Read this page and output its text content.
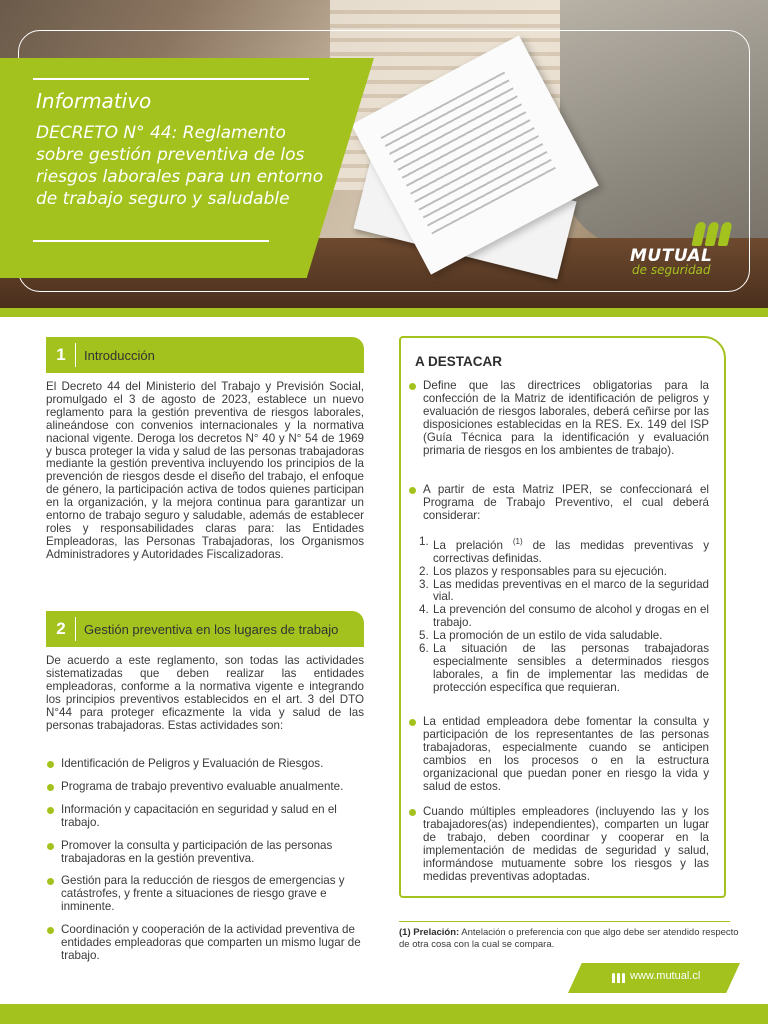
Informativo
DECRETO N° 44: Reglamento sobre gestión preventiva de los riesgos laborales para un entorno de trabajo seguro y saludable
MUTUAL
de seguridad
1	Introducción
El Decreto 44 del Ministerio del Trabajo y Previsión Social, promulgado el 3 de agosto de 2023, establece un nuevo reglamento para la gestión preventiva de riesgos laborales, alineándose con convenios internacionales y la normativa nacional vigente. Deroga los decretos N° 40 y N° 54 de 1969 y busca proteger la vida y salud de las personas trabajadoras mediante la gestión preventiva incluyendo los principios de la prevención de riesgos desde el diseño del trabajo, el enfoque de género, la participación activa de todos quienes participan en la organización, y la mejora continua para garantizar un entorno de trabajo seguro y saludable, además de establecer roles y responsabilidades claras para: las Entidades Empleadoras, las Personas Trabajadoras, los Organismos Administradores y Autoridades Fiscalizadoras.
2	Gestión preventiva en los lugares de trabajo
De acuerdo a este reglamento, son todas las actividades sistematizadas que deben realizar las entidades empleadoras, conforme a la normativa vigente e integrando los principios preventivos establecidos en el art. 3 del DTO N°44 para proteger eficazmente la vida y salud de las personas trabajadoras. Estas actividades son:
Identificación de Peligros y Evaluación de Riesgos.
Programa de trabajo preventivo evaluable anualmente.
Información y capacitación en seguridad y salud en el trabajo.
Promover la consulta y participación de las personas trabajadoras en la gestión preventiva.
Gestión para la reducción de riesgos de emergencias y catástrofes, y frente a situaciones de riesgo grave e inminente.
Coordinación y cooperación de la actividad preventiva de entidades empleadoras que comparten un mismo lugar de trabajo.
A DESTACAR
Define que las directrices obligatorias para la confección de la Matriz de identificación de peligros y evaluación de riesgos laborales, deberá ceñirse por las disposiciones establecidas en la RES. Ex. 149 del ISP (Guía Técnica para la identificación y evaluación primaria de riesgos en los ambientes de trabajo).
A partir de esta Matriz IPER, se confeccionará el Programa de Trabajo Preventivo, el cual deberá considerar:
1. La prelación $^{(1)}$ de las medidas preventivas y correctivas definidas.
2. Los plazos y responsables para su ejecución.
3. Las medidas preventivas en el marco de la seguridad vial.
4. La prevención del consumo de alcohol y drogas en el trabajo.
5. La promoción de un estilo de vida saludable.
6. La situación de las personas trabajadoras especialmente sensibles a determinados riesgos laborales, a fin de implementar las medidas de protección específica que requieran.
La entidad empleadora debe fomentar la consulta y participación de los representantes de las personas trabajadoras, especialmente cuando se anticipen cambios en los procesos o en la estructura organizacional que puedan poner en riesgo la vida y salud de estos.
Cuando múltiples empleadores (incluyendo las y los trabajadores(as) independientes), comparten un lugar de trabajo, deben coordinar y cooperar en la implementación de medidas de seguridad y salud, informándose mutuamente sobre los riesgos y las medidas preventivas adoptadas.
(1) Prelación: Antelación o preferencia con que algo debe ser atendido respecto de otra cosa con la cual se compara.
www.mutual.cl
